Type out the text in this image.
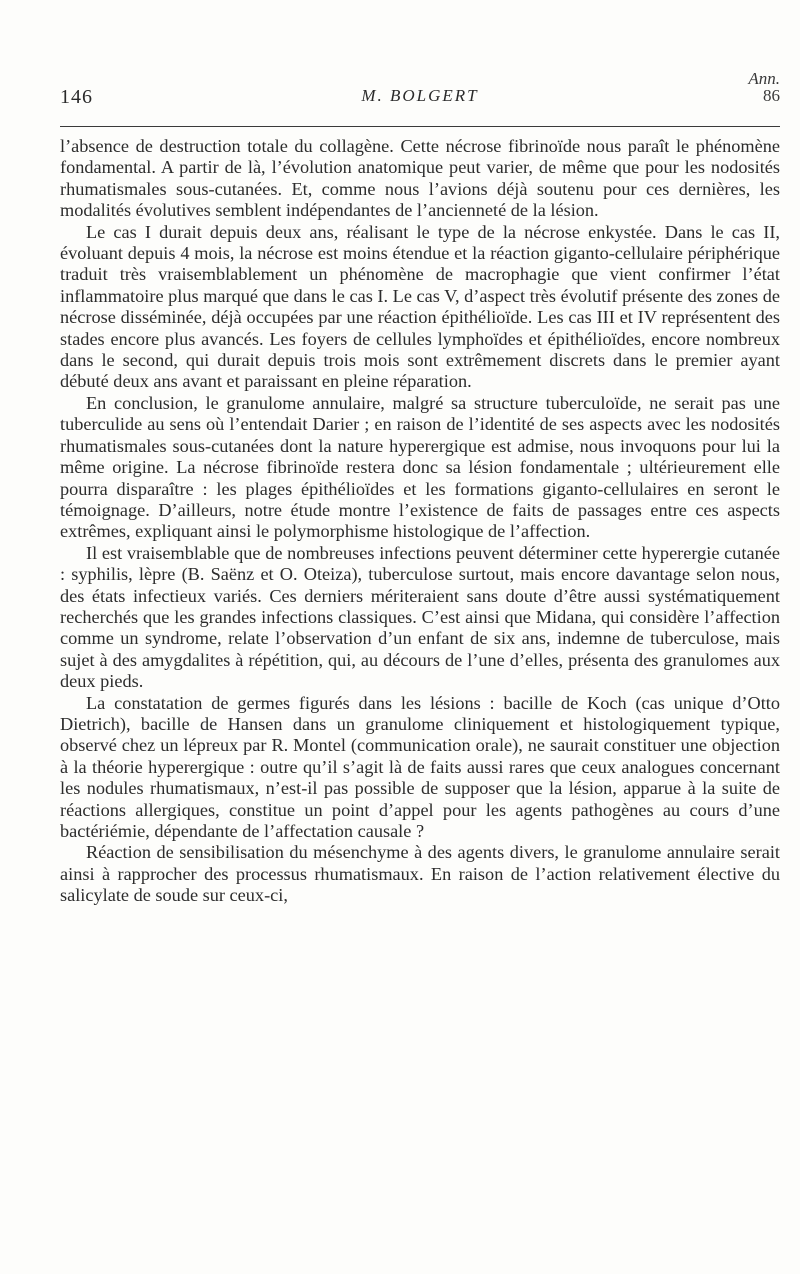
Ann.
86
146	M. BOLGERT

l’absence de destruction totale du collagène. Cette nécrose fibrinoïde nous paraît le phénomène fondamental. A partir de là, l’évolution anatomique peut varier, de même que pour les nodosités rhumatismales sous-cutanées. Et, comme nous l’avions déjà soutenu pour ces dernières, les modalités évolutives semblent indépendantes de l’ancienneté de la lésion.

Le cas I durait depuis deux ans, réalisant le type de la nécrose enkystée. Dans le cas II, évoluant depuis 4 mois, la nécrose est moins étendue et la réaction giganto-cellulaire périphérique traduit très vraisemblablement un phénomène de macrophagie que vient confirmer l’état inflammatoire plus marqué que dans le cas I. Le cas V, d’aspect très évolutif présente des zones de nécrose disséminée, déjà occupées par une réaction épithélioïde. Les cas III et IV représentent des stades encore plus avancés. Les foyers de cellules lymphoïdes et épithélioïdes, encore nombreux dans le second, qui durait depuis trois mois sont extrêmement discrets dans le premier ayant débuté deux ans avant et paraissant en pleine réparation.

En conclusion, le granulome annulaire, malgré sa structure tuberculoïde, ne serait pas une tuberculide au sens où l’entendait Darier ; en raison de l’identité de ses aspects avec les nodosités rhumatismales sous-cutanées dont la nature hyperergique est admise, nous invoquons pour lui la même origine. La nécrose fibrinoïde restera donc sa lésion fondamentale ; ultérieurement elle pourra disparaître : les plages épithélioïdes et les formations giganto-cellulaires en seront le témoignage. D’ailleurs, notre étude montre l’existence de faits de passages entre ces aspects extrêmes, expliquant ainsi le polymorphisme histologique de l’affection.

Il est vraisemblable que de nombreuses infections peuvent déterminer cette hyperergie cutanée : syphilis, lèpre (B. Saënz et O. Oteiza), tuberculose surtout, mais encore davantage selon nous, des états infectieux variés. Ces derniers mériteraient sans doute d’être aussi systématiquement recherchés que les grandes infections classiques. C’est ainsi que Midana, qui considère l’affection comme un syndrome, relate l’observation d’un enfant de six ans, indemne de tuberculose, mais sujet à des amygdalites à répétition, qui, au décours de l’une d’elles, présenta des granulomes aux deux pieds.

La constatation de germes figurés dans les lésions : bacille de Koch (cas unique d’Otto Dietrich), bacille de Hansen dans un granulome cliniquement et histologiquement typique, observé chez un lépreux par R. Montel (communication orale), ne saurait constituer une objection à la théorie hyperergique : outre qu’il s’agit là de faits aussi rares que ceux analogues concernant les nodules rhumatismaux, n’est-il pas possible de supposer que la lésion, apparue à la suite de réactions allergiques, constitue un point d’appel pour les agents pathogènes au cours d’une bactériémie, dépendante de l’affectation causale ?

Réaction de sensibilisation du mésenchyme à des agents divers, le granulome annulaire serait ainsi à rapprocher des processus rhumatismaux. En raison de l’action relativement élective du salicylate de soude sur ceux-ci,
